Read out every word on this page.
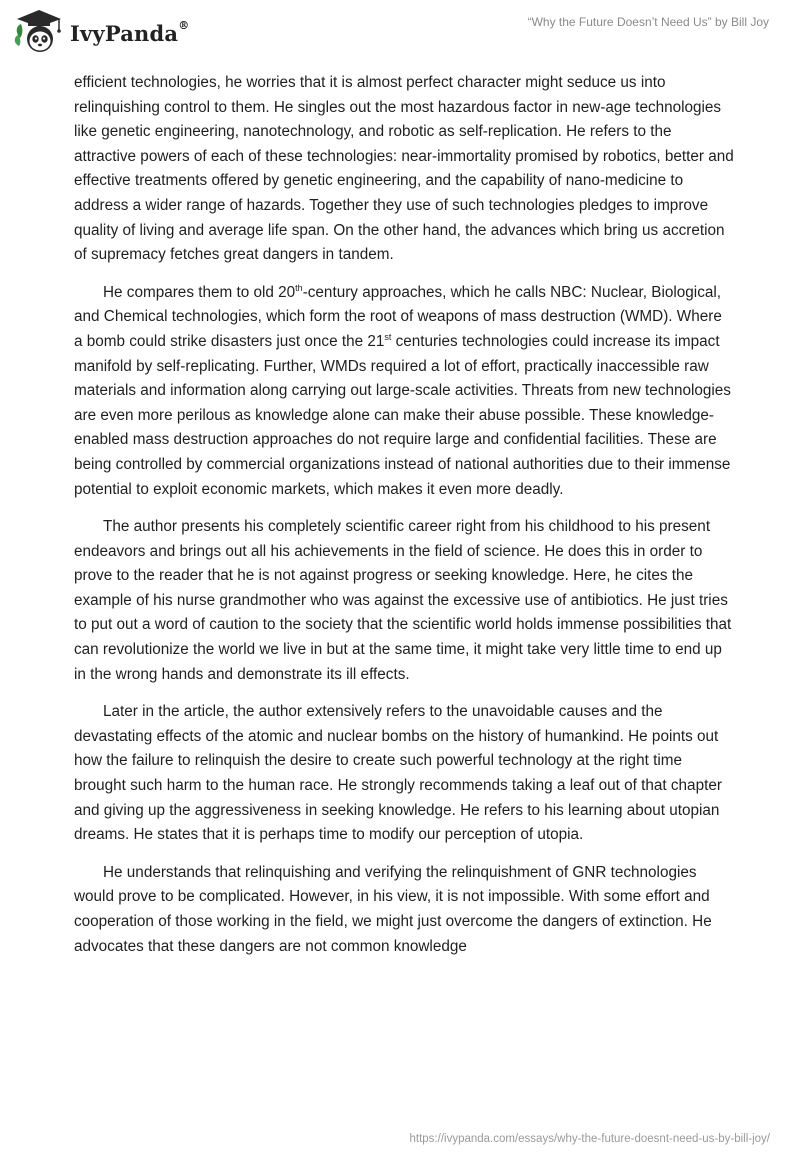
IvyPanda®	“Why the Future Doesn’t Need Us” by Bill Joy

efficient technologies, he worries that it is almost perfect character might seduce us into relinquishing control to them. He singles out the most hazardous factor in new-age technologies like genetic engineering, nanotechnology, and robotic as self-replication. He refers to the attractive powers of each of these technologies: near-immortality promised by robotics, better and effective treatments offered by genetic engineering, and the capability of nano-medicine to address a wider range of hazards. Together they use of such technologies pledges to improve quality of living and average life span. On the other hand, the advances which bring us accretion of supremacy fetches great dangers in tandem.

He compares them to old 20th-century approaches, which he calls NBC: Nuclear, Biological, and Chemical technologies, which form the root of weapons of mass destruction (WMD). Where a bomb could strike disasters just once the 21st centuries technologies could increase its impact manifold by self-replicating. Further, WMDs required a lot of effort, practically inaccessible raw materials and information along carrying out large-scale activities. Threats from new technologies are even more perilous as knowledge alone can make their abuse possible. These knowledge-enabled mass destruction approaches do not require large and confidential facilities. These are being controlled by commercial organizations instead of national authorities due to their immense potential to exploit economic markets, which makes it even more deadly.

The author presents his completely scientific career right from his childhood to his present endeavors and brings out all his achievements in the field of science. He does this in order to prove to the reader that he is not against progress or seeking knowledge. Here, he cites the example of his nurse grandmother who was against the excessive use of antibiotics. He just tries to put out a word of caution to the society that the scientific world holds immense possibilities that can revolutionize the world we live in but at the same time, it might take very little time to end up in the wrong hands and demonstrate its ill effects.

Later in the article, the author extensively refers to the unavoidable causes and the devastating effects of the atomic and nuclear bombs on the history of humankind. He points out how the failure to relinquish the desire to create such powerful technology at the right time brought such harm to the human race. He strongly recommends taking a leaf out of that chapter and giving up the aggressiveness in seeking knowledge. He refers to his learning about utopian dreams. He states that it is perhaps time to modify our perception of utopia.

He understands that relinquishing and verifying the relinquishment of GNR technologies would prove to be complicated. However, in his view, it is not impossible. With some effort and cooperation of those working in the field, we might just overcome the dangers of extinction. He advocates that these dangers are not common knowledge

https://ivypanda.com/essays/why-the-future-doesnt-need-us-by-bill-joy/
